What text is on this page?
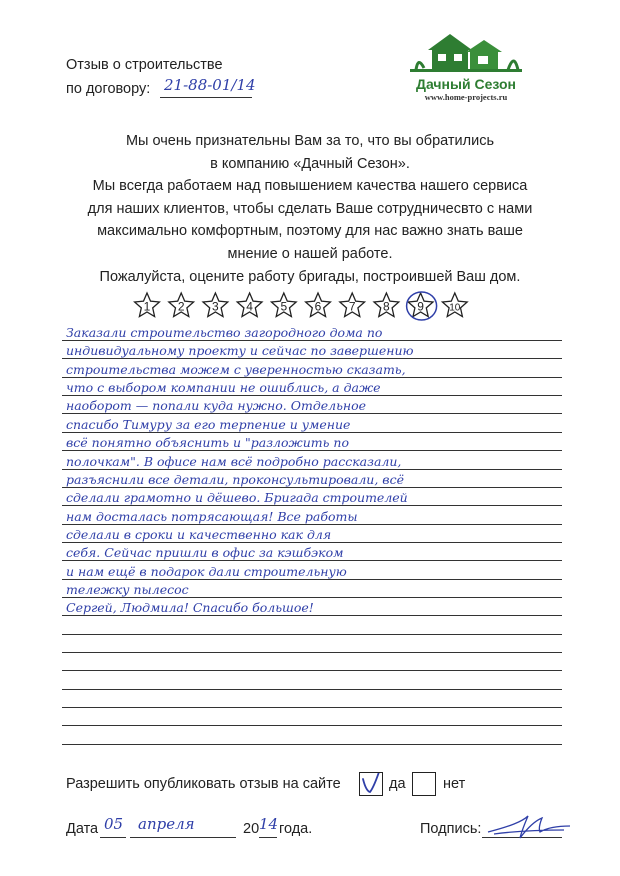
Отзыв о строительстве
по договору: 21-88-01/14	Дачный Сезон
www.home-projects.ru
Мы очень признательны Вам за то, что вы обратились
в компанию «Дачный Сезон».
Мы всегда работаем над повышением качества нашего сервиса
для наших клиентов, чтобы сделать Ваше сотрудничесвто с нами
максимально комфортным, поэтому для нас важно знать ваше
мнение о нашей работе.
Пожалуйста, оцените работу бригады, построившей Ваш дом.
1 2 3 4 5 6 7 8 9	10
Заказали строительство загородного дома по
индивидуальному проекту и сейчас по завершению
строительства можем с уверенностью сказать,
что с выбором компании не ошиблись, а даже
наоборот — попали куда нужно. Отдельное
спасибо Тимуру за его терпение и умение
всё понятно объяснить и "разложить по
полочкам". В офисе нам всё подробно рассказали,
разъяснили все детали, проконсультировали, всё
сделали грамотно и дёшево. Бригада строителей
нам досталась потрясающая! Все работы
сделали в сроки и качественно как для
себя. Сейчас пришли в офис за кэшбэком
и нам ещё в подарок дали строительную
тележку пылесос
Сергей, Людмила! Спасибо большое!
Разрешить опубликовать отзыв на сайте	да	нет
Дата 05 апреля	20 14 года.	Подпись:
